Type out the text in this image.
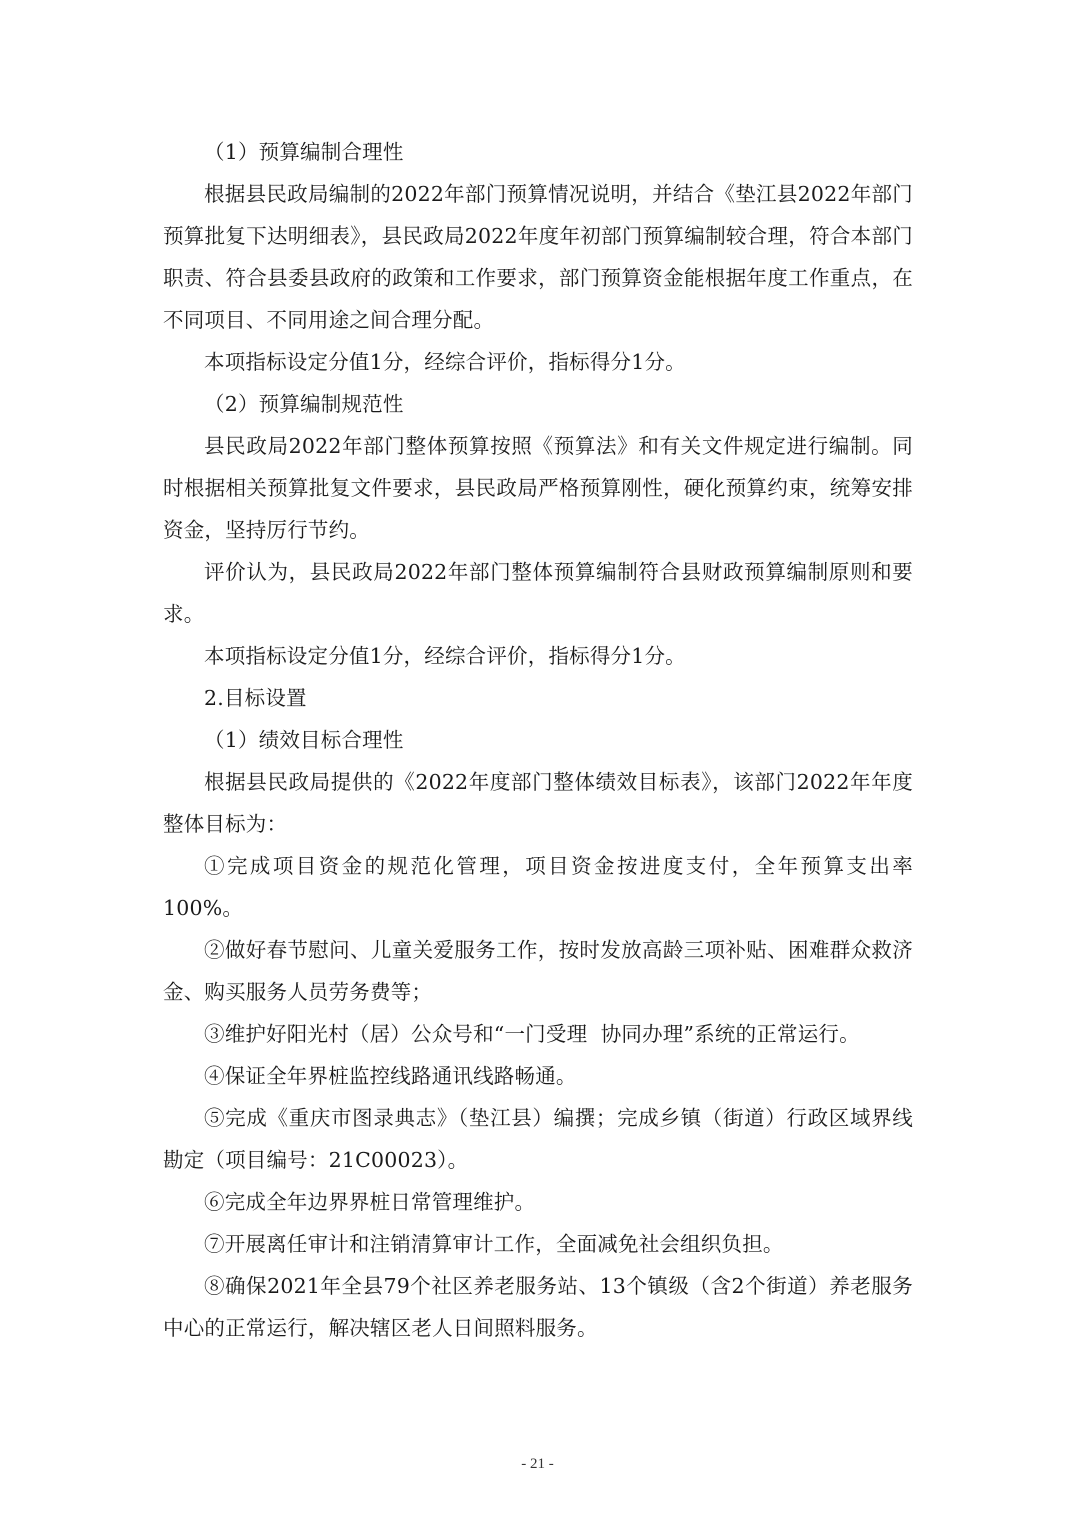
（1）预算编制合理性

根据县民政局编制的2022年部门预算情况说明，并结合《垫江县2022年部门预算批复下达明细表》，县民政局2022年度年初部门预算编制较合理，符合本部门职责、符合县委县政府的政策和工作要求，部门预算资金能根据年度工作重点，在不同项目、不同用途之间合理分配。

本项指标设定分值1分，经综合评价，指标得分1分。

（2）预算编制规范性

县民政局2022年部门整体预算按照《预算法》和有关文件规定进行编制。同时根据相关预算批复文件要求，县民政局严格预算刚性，硬化预算约束，统筹安排资金，坚持厉行节约。

评价认为，县民政局2022年部门整体预算编制符合县财政预算编制原则和要求。

本项指标设定分值1分，经综合评价，指标得分1分。

2.目标设置

（1）绩效目标合理性

根据县民政局提供的《2022年度部门整体绩效目标表》，该部门2022年年度整体目标为：

①完成项目资金的规范化管理，项目资金按进度支付，全年预算支出率100%。

②做好春节慰问、儿童关爱服务工作，按时发放高龄三项补贴、困难群众救济金、购买服务人员劳务费等；

③维护好阳光村（居）公众号和“一门受理  协同办理”系统的正常运行。

④保证全年界桩监控线路通讯线路畅通。

⑤完成《重庆市图录典志》（垫江县）编撰；完成乡镇（街道）行政区域界线勘定（项目编号：21C00023）。

⑥完成全年边界界桩日常管理维护。

⑦开展离任审计和注销清算审计工作，全面减免社会组织负担。

⑧确保2021年全县79个社区养老服务站、13个镇级（含2个街道）养老服务中心的正常运行，解决辖区老人日间照料服务。

- 21 -
